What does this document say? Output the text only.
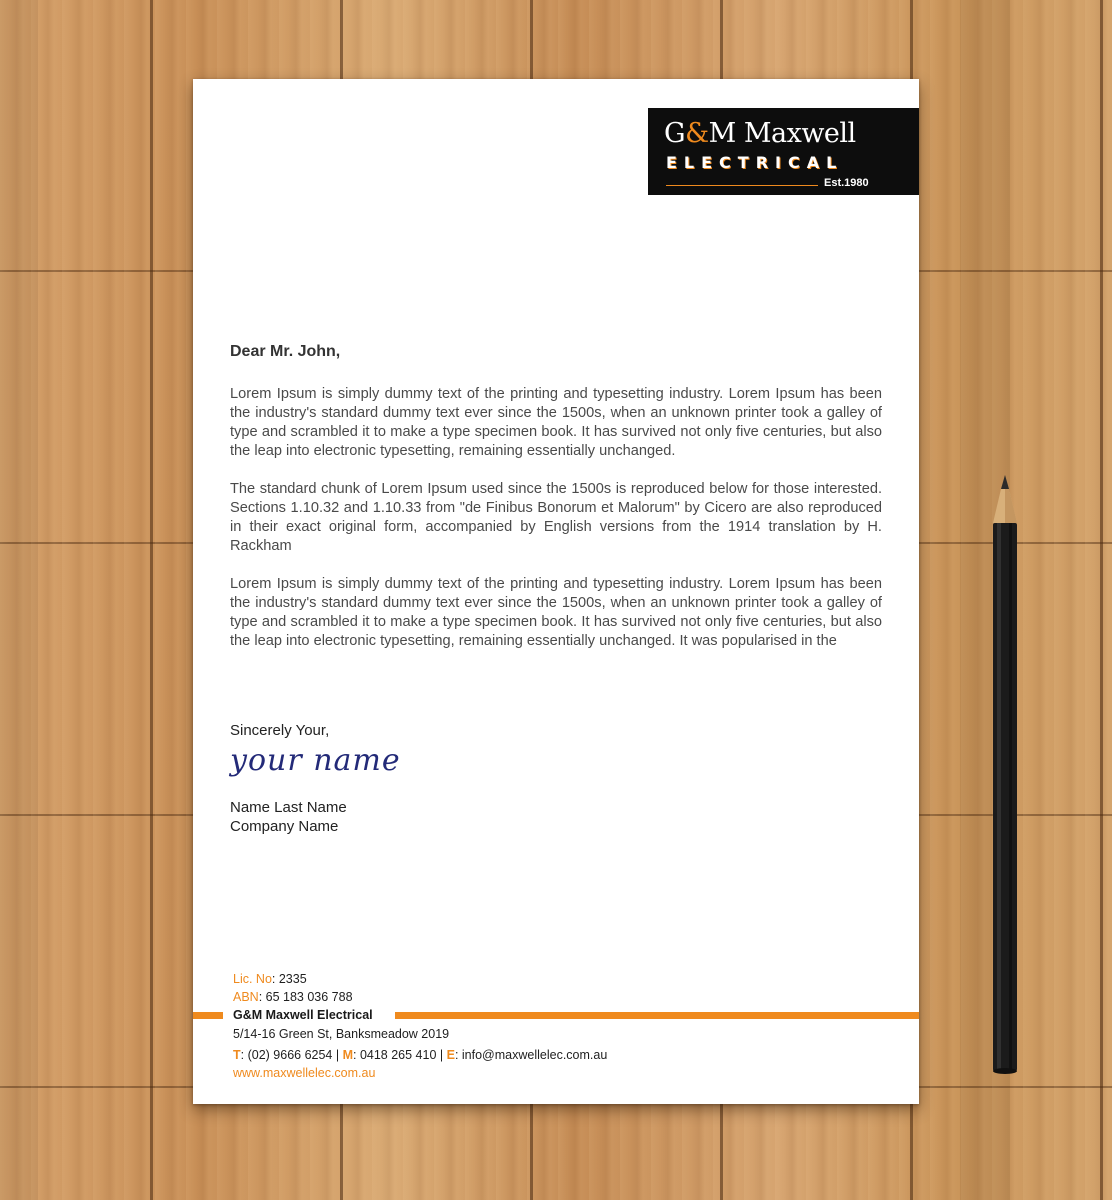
G&M Maxwell
ELECTRICAL
Est.1980
Dear Mr. John,
Lorem Ipsum is simply dummy text of the printing and typesetting industry. Lorem Ipsum has been the industry's standard dummy text ever since the 1500s, when an unknown printer took a galley of type and scrambled it to make a type specimen book. It has survived not only five centuries, but also the leap into electronic typesetting, remaining essentially unchanged.
The standard chunk of Lorem Ipsum used since the 1500s is reproduced below for those interested. Sections 1.10.32 and 1.10.33 from "de Finibus Bonorum et Malorum" by Cicero are also reproduced in their exact original form, accompanied by English versions from the 1914 translation by H. Rackham
Lorem Ipsum is simply dummy text of the printing and typesetting industry. Lorem Ipsum has been the industry's standard dummy text ever since the 1500s, when an unknown printer took a galley of type and scrambled it to make a type specimen book. It has survived not only five centuries, but also the leap into electronic typesetting, remaining essentially unchanged. It was popularised in the
Sincerely Your,
your name
Name Last Name
Company Name
Lic. No: 2335
ABN: 65 183 036 788
G&M Maxwell Electrical
5/14-16 Green St, Banksmeadow 2019
T: (02) 9666 6254 | M: 0418 265 410 | E: info@maxwellelec.com.au
www.maxwellelec.com.au
